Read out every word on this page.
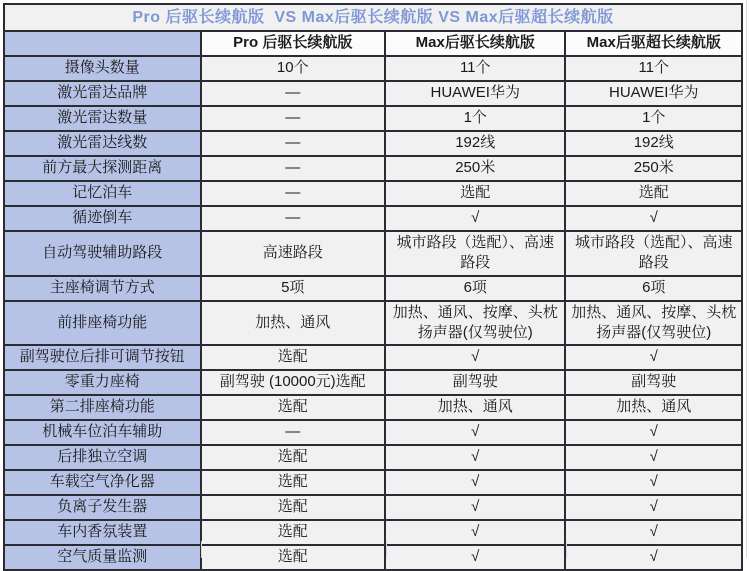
Pro 后驱长续航版  VS Max后驱长续航版 VS Max后驱超长续航版			
	Pro 后驱长续航版	Max后驱长续航版	Max后驱超长续航版
摄像头数量	10个	11个	11个
激光雷达品牌	—	HUAWEI华为	HUAWEI华为
激光雷达数量	—	1个	1个
激光雷达线数	—	192线	192线
前方最大探测距离	—	250米	250米
记忆泊车	—	选配	选配
循迹倒车	—	√	√
自动驾驶辅助路段	高速路段	城市路段（选配）、高速路段	城市路段（选配）、高速路段
主座椅调节方式	5项	6项	6项
前排座椅功能	加热、通风	加热、通风、按摩、头枕扬声器(仅驾驶位)	加热、通风、按摩、头枕扬声器(仅驾驶位)
副驾驶位后排可调节按钮	选配	√	√
零重力座椅	副驾驶 (10000元)选配	副驾驶	副驾驶
第二排座椅功能	选配	加热、通风	加热、通风
机械车位泊车辅助	—	√	√
后排独立空调	选配	√	√
车载空气净化器	选配	√	√
负离子发生器	选配	√	√
车内香氛装置	选配	√	√
空气质量监测	选配	√	√
